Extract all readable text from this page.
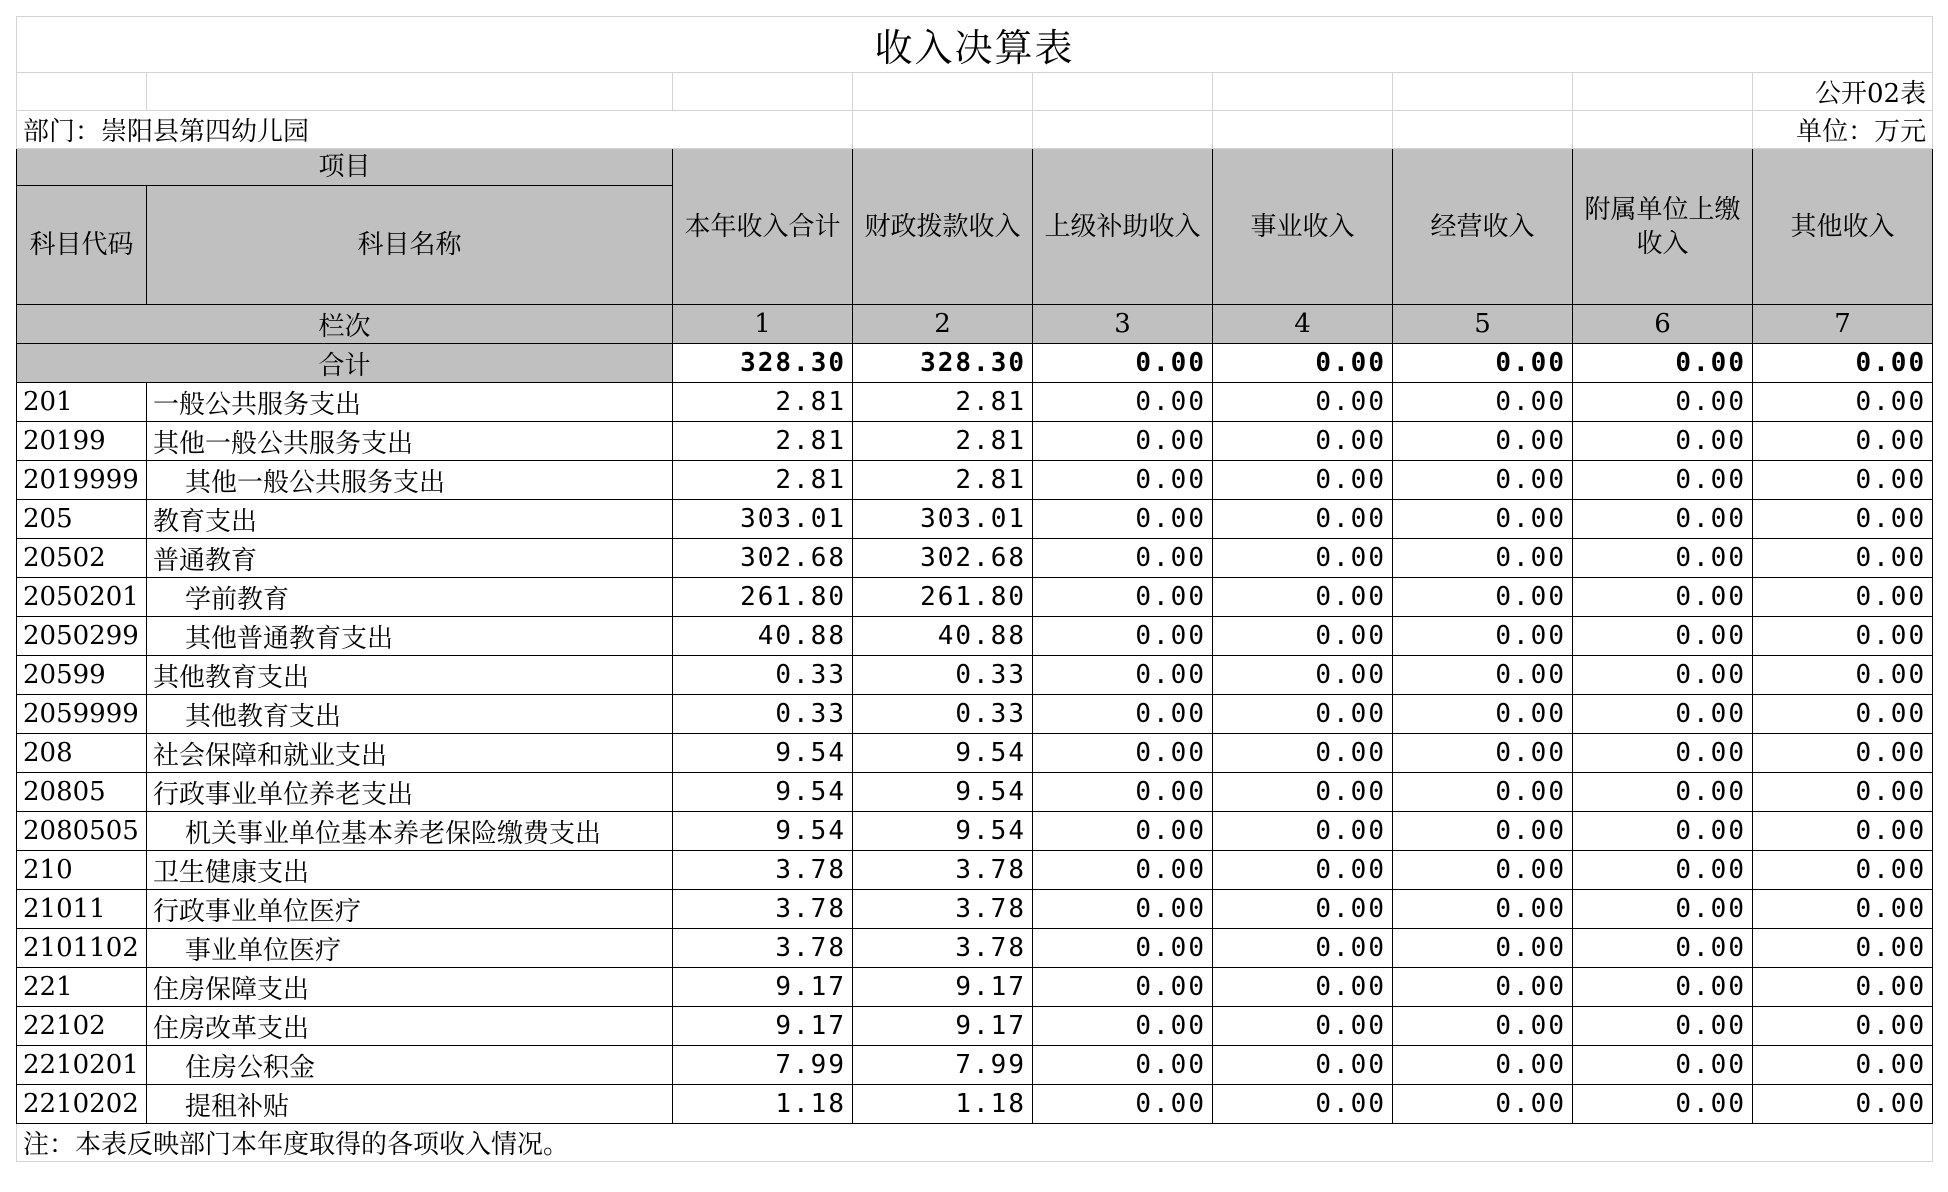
收入决算表								
								公开02表
部门：崇阳县第四幼儿园								单位：万元
项目		本年收入合计	财政拨款收入	上级补助收入	事业收入	经营收入	附属单位上缴收入	其他收入
科目代码	科目名称							
栏次		1	2	3	4	5	6	7
合计		328.30	328.30	0.00	0.00	0.00	0.00	0.00
201	一般公共服务支出	2.81	2.81	0.00	0.00	0.00	0.00	0.00
20199	其他一般公共服务支出	2.81	2.81	0.00	0.00	0.00	0.00	0.00
2019999	其他一般公共服务支出	2.81	2.81	0.00	0.00	0.00	0.00	0.00
205	教育支出	303.01	303.01	0.00	0.00	0.00	0.00	0.00
20502	普通教育	302.68	302.68	0.00	0.00	0.00	0.00	0.00
2050201	学前教育	261.80	261.80	0.00	0.00	0.00	0.00	0.00
2050299	其他普通教育支出	40.88	40.88	0.00	0.00	0.00	0.00	0.00
20599	其他教育支出	0.33	0.33	0.00	0.00	0.00	0.00	0.00
2059999	其他教育支出	0.33	0.33	0.00	0.00	0.00	0.00	0.00
208	社会保障和就业支出	9.54	9.54	0.00	0.00	0.00	0.00	0.00
20805	行政事业单位养老支出	9.54	9.54	0.00	0.00	0.00	0.00	0.00
2080505	机关事业单位基本养老保险缴费支出	9.54	9.54	0.00	0.00	0.00	0.00	0.00
210	卫生健康支出	3.78	3.78	0.00	0.00	0.00	0.00	0.00
21011	行政事业单位医疗	3.78	3.78	0.00	0.00	0.00	0.00	0.00
2101102	事业单位医疗	3.78	3.78	0.00	0.00	0.00	0.00	0.00
221	住房保障支出	9.17	9.17	0.00	0.00	0.00	0.00	0.00
22102	住房改革支出	9.17	9.17	0.00	0.00	0.00	0.00	0.00
2210201	住房公积金	7.99	7.99	0.00	0.00	0.00	0.00	0.00
2210202	提租补贴	1.18	1.18	0.00	0.00	0.00	0.00	0.00
注：本表反映部门本年度取得的各项收入情况。								
